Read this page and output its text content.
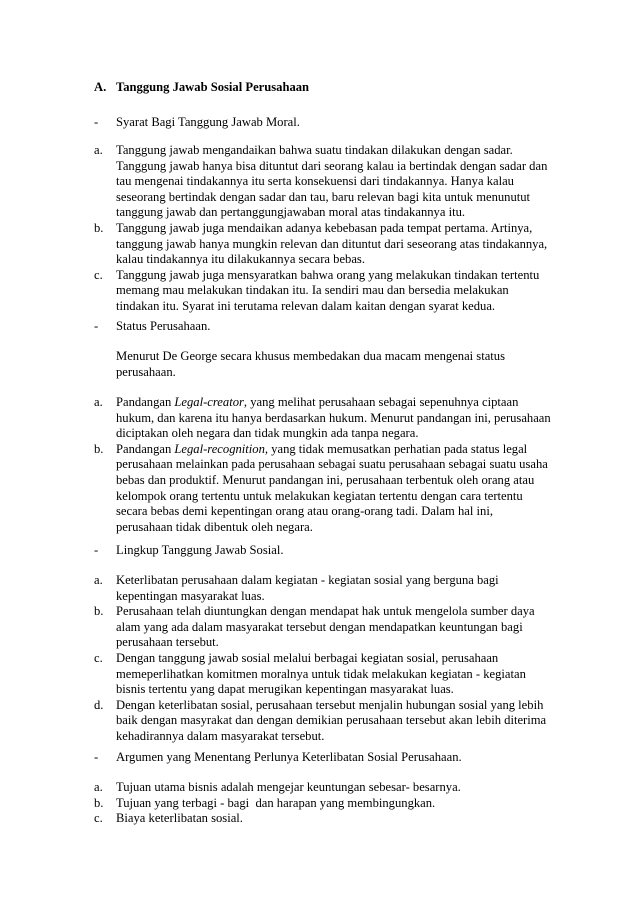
A. Tanggung Jawab Sosial Perusahaan
- Syarat Bagi Tanggung Jawab Moral.
a. Tanggung jawab mengandaikan bahwa suatu tindakan dilakukan dengan sadar.
Tanggung jawab hanya bisa dituntut dari seorang kalau ia bertindak dengan sadar dan
tau mengenai tindakannya itu serta konsekuensi dari tindakannya. Hanya kalau
seseorang bertindak dengan sadar dan tau, baru relevan bagi kita untuk menunutut
tanggung jawab dan pertanggungjawaban moral atas tindakannya itu.
b. Tanggung jawab juga mendaikan adanya kebebasan pada tempat pertama. Artinya,
tanggung jawab hanya mungkin relevan dan dituntut dari seseorang atas tindakannya,
kalau tindakannya itu dilakukannya secara bebas.
c. Tanggung jawab juga mensyaratkan bahwa orang yang melakukan tindakan tertentu
memang mau melakukan tindakan itu. Ia sendiri mau dan bersedia melakukan
tindakan itu. Syarat ini terutama relevan dalam kaitan dengan syarat kedua.
- Status Perusahaan.
Menurut De George secara khusus membedakan dua macam mengenai status
perusahaan.
a. Pandangan Legal-creator, yang melihat perusahaan sebagai sepenuhnya ciptaan
hukum, dan karena itu hanya berdasarkan hukum. Menurut pandangan ini, perusahaan
diciptakan oleh negara dan tidak mungkin ada tanpa negara.
b. Pandangan Legal-recognition, yang tidak memusatkan perhatian pada status legal
perusahaan melainkan pada perusahaan sebagai suatu perusahaan sebagai suatu usaha
bebas dan produktif. Menurut pandangan ini, perusahaan terbentuk oleh orang atau
kelompok orang tertentu untuk melakukan kegiatan tertentu dengan cara tertentu
secara bebas demi kepentingan orang atau orang-orang tadi. Dalam hal ini,
perusahaan tidak dibentuk oleh negara.
- Lingkup Tanggung Jawab Sosial.
a. Keterlibatan perusahaan dalam kegiatan - kegiatan sosial yang berguna bagi
kepentingan masyarakat luas.
b. Perusahaan telah diuntungkan dengan mendapat hak untuk mengelola sumber daya
alam yang ada dalam masyarakat tersebut dengan mendapatkan keuntungan bagi
perusahaan tersebut.
c. Dengan tanggung jawab sosial melalui berbagai kegiatan sosial, perusahaan
memeperlihatkan komitmen moralnya untuk tidak melakukan kegiatan - kegiatan
bisnis tertentu yang dapat merugikan kepentingan masyarakat luas.
d. Dengan keterlibatan sosial, perusahaan tersebut menjalin hubungan sosial yang lebih
baik dengan masyrakat dan dengan demikian perusahaan tersebut akan lebih diterima
kehadirannya dalam masyarakat tersebut.
- Argumen yang Menentang Perlunya Keterlibatan Sosial Perusahaan.
a. Tujuan utama bisnis adalah mengejar keuntungan sebesar- besarnya.
b. Tujuan yang terbagi - bagi  dan harapan yang membingungkan.
c. Biaya keterlibatan sosial.
